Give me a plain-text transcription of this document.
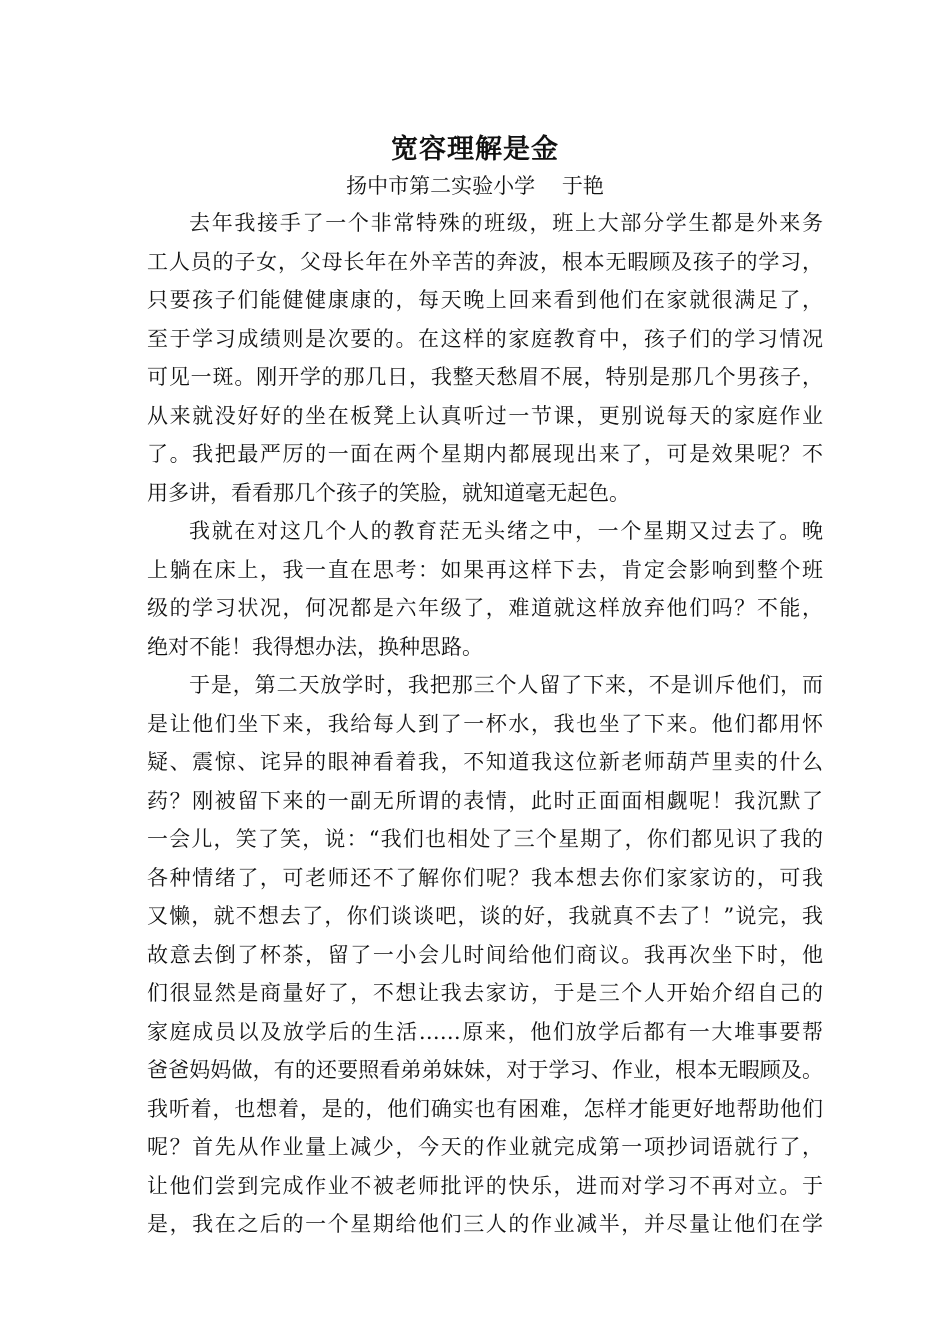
宽容理解是金
扬中市第二实验小学    于艳
去年我接手了一个非常特殊的班级，班上大部分学生都是外来务
工人员的子女，父母长年在外辛苦的奔波，根本无暇顾及孩子的学习，
只要孩子们能健健康康的，每天晚上回来看到他们在家就很满足了，
至于学习成绩则是次要的。在这样的家庭教育中，孩子们的学习情况
可见一斑。刚开学的那几日，我整天愁眉不展，特别是那几个男孩子，
从来就没好好的坐在板凳上认真听过一节课，更别说每天的家庭作业
了。我把最严厉的一面在两个星期内都展现出来了，可是效果呢？不
用多讲，看看那几个孩子的笑脸，就知道毫无起色。
我就在对这几个人的教育茫无头绪之中，一个星期又过去了。晚
上躺在床上，我一直在思考：如果再这样下去，肯定会影响到整个班
级的学习状况，何况都是六年级了，难道就这样放弃他们吗？不能，
绝对不能！我得想办法，换种思路。
于是，第二天放学时，我把那三个人留了下来，不是训斥他们，而
是让他们坐下来，我给每人到了一杯水，我也坐了下来。他们都用怀
疑、震惊、诧异的眼神看着我，不知道我这位新老师葫芦里卖的什么
药？刚被留下来的一副无所谓的表情，此时正面面相觑呢！我沉默了
一会儿，笑了笑，说：“我们也相处了三个星期了，你们都见识了我的
各种情绪了，可老师还不了解你们呢？我本想去你们家家访的，可我
又懒，就不想去了，你们谈谈吧，谈的好，我就真不去了！”说完，我
故意去倒了杯茶，留了一小会儿时间给他们商议。我再次坐下时，他
们很显然是商量好了，不想让我去家访，于是三个人开始介绍自己的
家庭成员以及放学后的生活……原来，他们放学后都有一大堆事要帮
爸爸妈妈做，有的还要照看弟弟妹妹，对于学习、作业，根本无暇顾及。
我听着，也想着，是的，他们确实也有困难，怎样才能更好地帮助他们
呢？首先从作业量上减少，今天的作业就完成第一项抄词语就行了，
让他们尝到完成作业不被老师批评的快乐，进而对学习不再对立。于
是，我在之后的一个星期给他们三人的作业减半，并尽量让他们在学
